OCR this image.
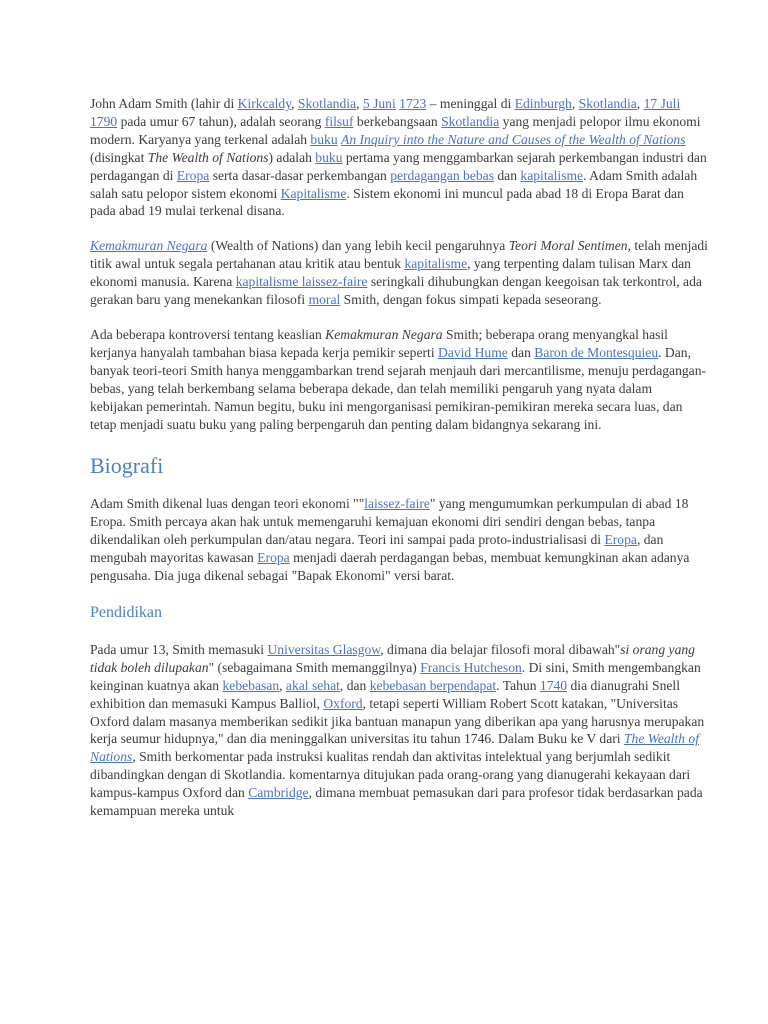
John Adam Smith (lahir di Kirkcaldy, Skotlandia, 5 Juni 1723 – meninggal di Edinburgh, Skotlandia, 17 Juli 1790 pada umur 67 tahun), adalah seorang filsuf berkebangsaan Skotlandia yang menjadi pelopor ilmu ekonomi modern. Karyanya yang terkenal adalah buku An Inquiry into the Nature and Causes of the Wealth of Nations (disingkat The Wealth of Nations) adalah buku pertama yang menggambarkan sejarah perkembangan industri dan perdagangan di Eropa serta dasar-dasar perkembangan perdagangan bebas dan kapitalisme. Adam Smith adalah salah satu pelopor sistem ekonomi Kapitalisme. Sistem ekonomi ini muncul pada abad 18 di Eropa Barat dan pada abad 19 mulai terkenal disana.

Kemakmuran Negara (Wealth of Nations) dan yang lebih kecil pengaruhnya Teori Moral Sentimen, telah menjadi titik awal untuk segala pertahanan atau kritik atau bentuk kapitalisme, yang terpenting dalam tulisan Marx dan ekonomi manusia. Karena kapitalisme laissez-faire seringkali dihubungkan dengan keegoisan tak terkontrol, ada gerakan baru yang menekankan filosofi moral Smith, dengan fokus simpati kepada seseorang.

Ada beberapa kontroversi tentang keaslian Kemakmuran Negara Smith; beberapa orang menyangkal hasil kerjanya hanyalah tambahan biasa kepada kerja pemikir seperti David Hume dan Baron de Montesquieu. Dan, banyak teori-teori Smith hanya menggambarkan trend sejarah menjauh dari mercantilisme, menuju perdagangan-bebas, yang telah berkembang selama beberapa dekade, dan telah memiliki pengaruh yang nyata dalam kebijakan pemerintah. Namun begitu, buku ini mengorganisasi pemikiran-pemikiran mereka secara luas, dan tetap menjadi suatu buku yang paling berpengaruh dan penting dalam bidangnya sekarang ini.

Biografi

Adam Smith dikenal luas dengan teori ekonomi ""laissez-faire" yang mengumumkan perkumpulan di abad 18 Eropa. Smith percaya akan hak untuk memengaruhi kemajuan ekonomi diri sendiri dengan bebas, tanpa dikendalikan oleh perkumpulan dan/atau negara. Teori ini sampai pada proto-industrialisasi di Eropa, dan mengubah mayoritas kawasan Eropa menjadi daerah perdagangan bebas, membuat kemungkinan akan adanya pengusaha. Dia juga dikenal sebagai "Bapak Ekonomi" versi barat.

Pendidikan

Pada umur 13, Smith memasuki Universitas Glasgow, dimana dia belajar filosofi moral dibawah"si orang yang tidak boleh dilupakan" (sebagaimana Smith memanggilnya) Francis Hutcheson. Di sini, Smith mengembangkan keinginan kuatnya akan kebebasan, akal sehat, dan kebebasan berpendapat. Tahun 1740 dia dianugrahi Snell exhibition dan memasuki Kampus Balliol, Oxford, tetapi seperti William Robert Scott katakan, "Universitas Oxford dalam masanya memberikan sedikit jika bantuan manapun yang diberikan apa yang harusnya merupakan kerja seumur hidupnya," dan dia meninggalkan universitas itu tahun 1746. Dalam Buku ke V dari The Wealth of Nations, Smith berkomentar pada instruksi kualitas rendah dan aktivitas intelektual yang berjumlah sedikit dibandingkan dengan di Skotlandia. komentarnya ditujukan pada orang-orang yang dianugerahi kekayaan dari kampus-kampus Oxford dan Cambridge, dimana membuat pemasukan dari para profesor tidak berdasarkan pada kemampuan mereka untuk
